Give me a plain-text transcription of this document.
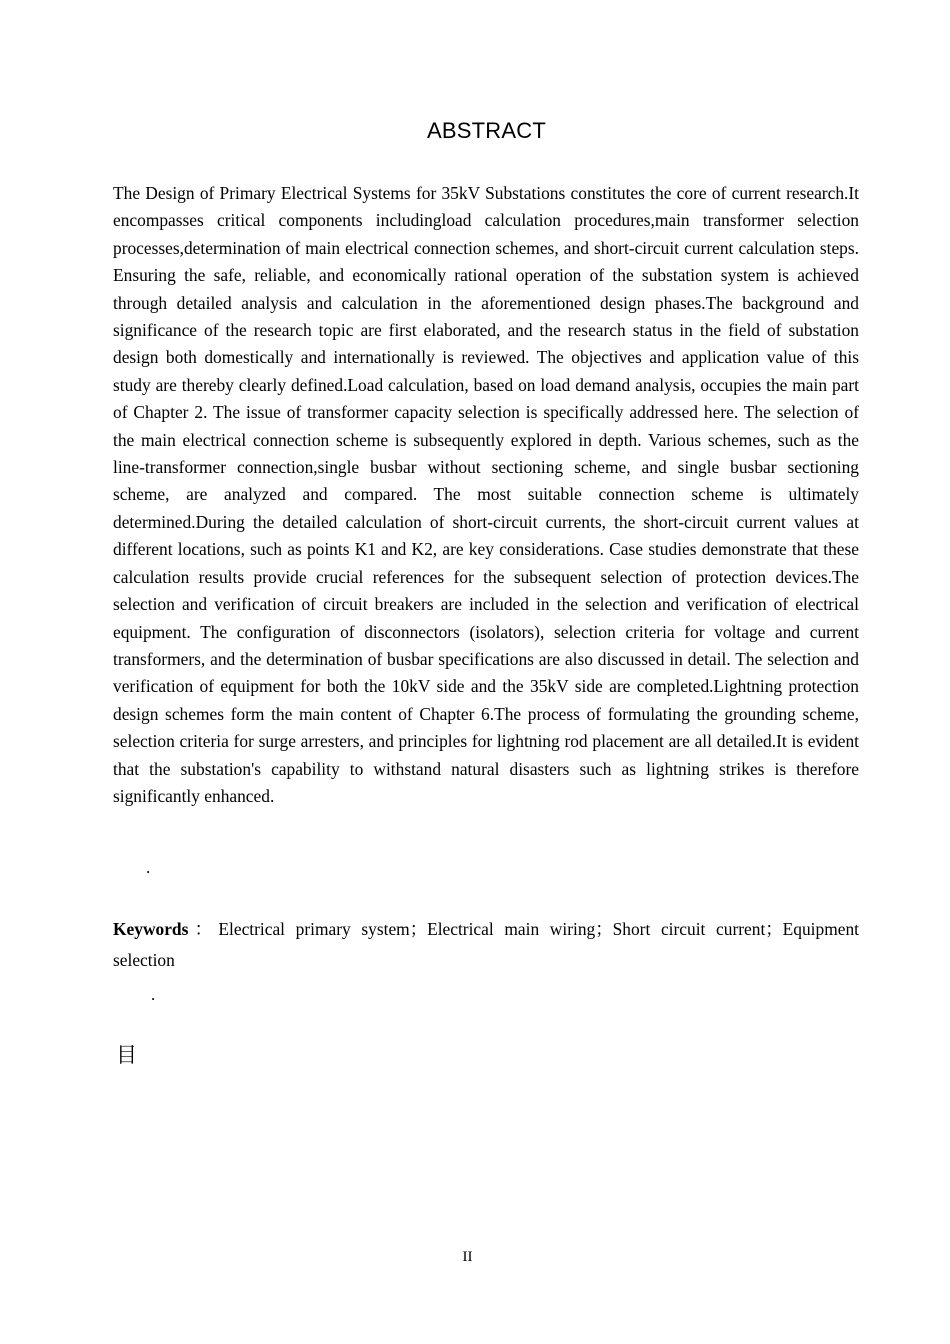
ABSTRACT

The Design of Primary Electrical Systems for 35kV Substations constitutes the core of current research.It encompasses critical components includingload calculation procedures,main transformer selection processes,determination of main electrical connection schemes, and short-circuit current calculation steps. Ensuring the safe, reliable, and economically rational operation of the substation system is achieved through detailed analysis and calculation in the aforementioned design phases.The background and significance of the research topic are first elaborated, and the research status in the field of substation design both domestically and internationally is reviewed. The objectives and application value of this study are thereby clearly defined.Load calculation, based on load demand analysis, occupies the main part of Chapter 2. The issue of transformer capacity selection is specifically addressed here. The selection of the main electrical connection scheme is subsequently explored in depth. Various schemes, such as the line-transformer connection,single busbar without sectioning scheme, and single busbar sectioning scheme, are analyzed and compared. The most suitable connection scheme is ultimately determined.During the detailed calculation of short-circuit currents, the short-circuit current values at different locations, such as points K1 and K2, are key considerations. Case studies demonstrate that these calculation results provide crucial references for the subsequent selection of protection devices.The selection and verification of circuit breakers are included in the selection and verification of electrical equipment. The configuration of disconnectors (isolators), selection criteria for voltage and current transformers, and the determination of busbar specifications are also discussed in detail. The selection and verification of equipment for both the 10kV side and the 35kV side are completed.Lightning protection design schemes form the main content of Chapter 6.The process of formulating the grounding scheme, selection criteria for surge arresters, and principles for lightning rod placement are all detailed.It is evident that the substation's capability to withstand natural disasters such as lightning strikes is therefore significantly enhanced.

.

Keywords：Electrical primary system；Electrical main wiring；Short circuit current；Equipment selection

.
目
II
